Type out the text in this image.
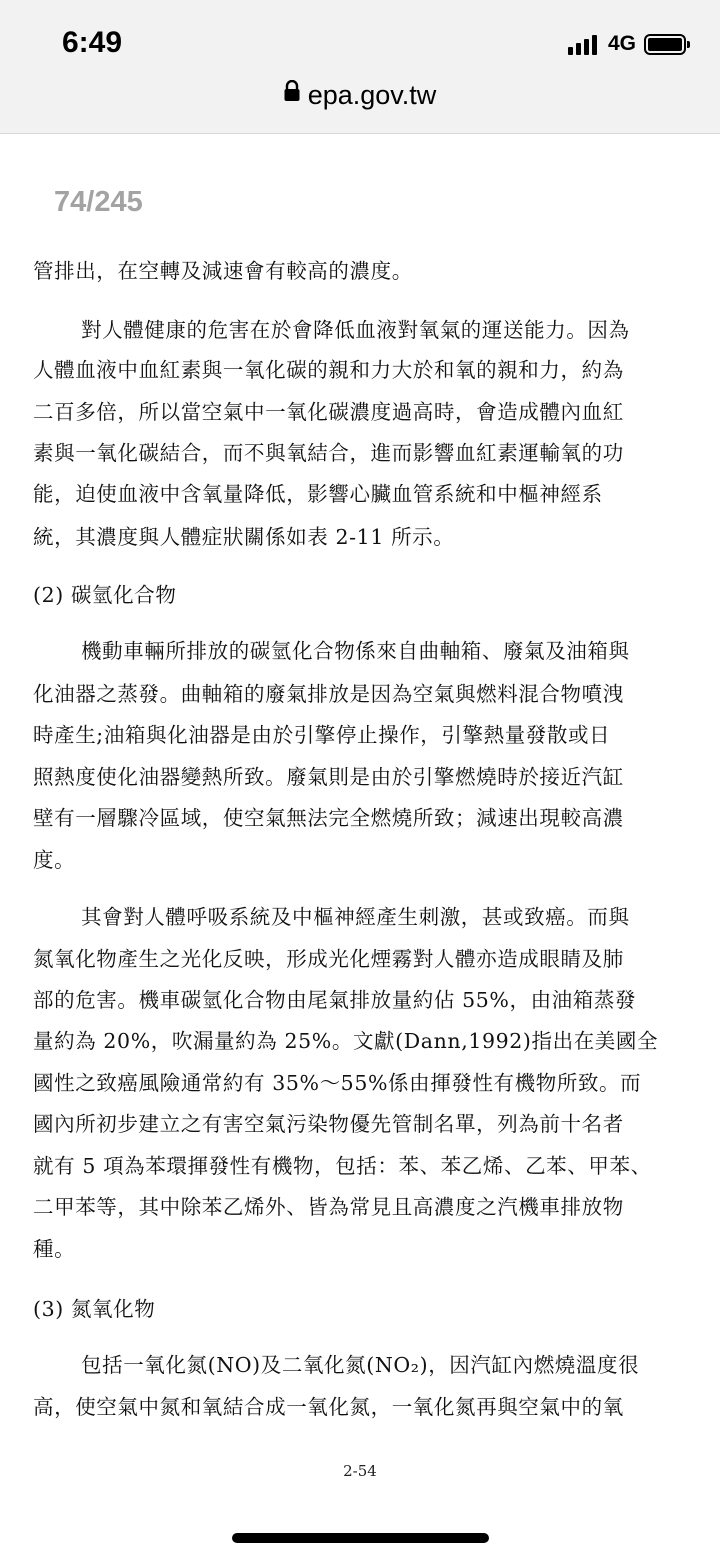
6:49	4G
epa.gov.tw
74/245
管排出，在空轉及減速會有較高的濃度。
對人體健康的危害在於會降低血液對氧氣的運送能力。因為
人體血液中血紅素與一氧化碳的親和力大於和氧的親和力，約為
二百多倍，所以當空氣中一氧化碳濃度過高時，會造成體內血紅
素與一氧化碳結合，而不與氧結合，進而影響血紅素運輸氧的功
能，迫使血液中含氧量降低，影響心臟血管系統和中樞神經系
統，其濃度與人體症狀關係如表 2-11 所示。
(2) 碳氫化合物
機動車輛所排放的碳氫化合物係來自曲軸箱、廢氣及油箱與
化油器之蒸發。曲軸箱的廢氣排放是因為空氣與燃料混合物噴洩
時產生;油箱與化油器是由於引擎停止操作，引擎熱量發散或日
照熱度使化油器變熱所致。廢氣則是由於引擎燃燒時於接近汽缸
壁有一層驟冷區域，使空氣無法完全燃燒所致；減速出現較高濃
度。
其會對人體呼吸系統及中樞神經產生刺激，甚或致癌。而與
氮氧化物產生之光化反映，形成光化煙霧對人體亦造成眼睛及肺
部的危害。機車碳氫化合物由尾氣排放量約佔 55%，由油箱蒸發
量約為 20%，吹漏量約為 25%。文獻(Dann,1992)指出在美國全
國性之致癌風險通常約有 35%～55%係由揮發性有機物所致。而
國內所初步建立之有害空氣污染物優先管制名單，列為前十名者
就有 5 項為苯環揮發性有機物，包括：苯、苯乙烯、乙苯、甲苯、
二甲苯等，其中除苯乙烯外、皆為常見且高濃度之汽機車排放物
種。
(3) 氮氧化物
包括一氧化氮(NO)及二氧化氮(NO₂)，因汽缸內燃燒溫度很
高，使空氣中氮和氧結合成一氧化氮，一氧化氮再與空氣中的氧
2-54
